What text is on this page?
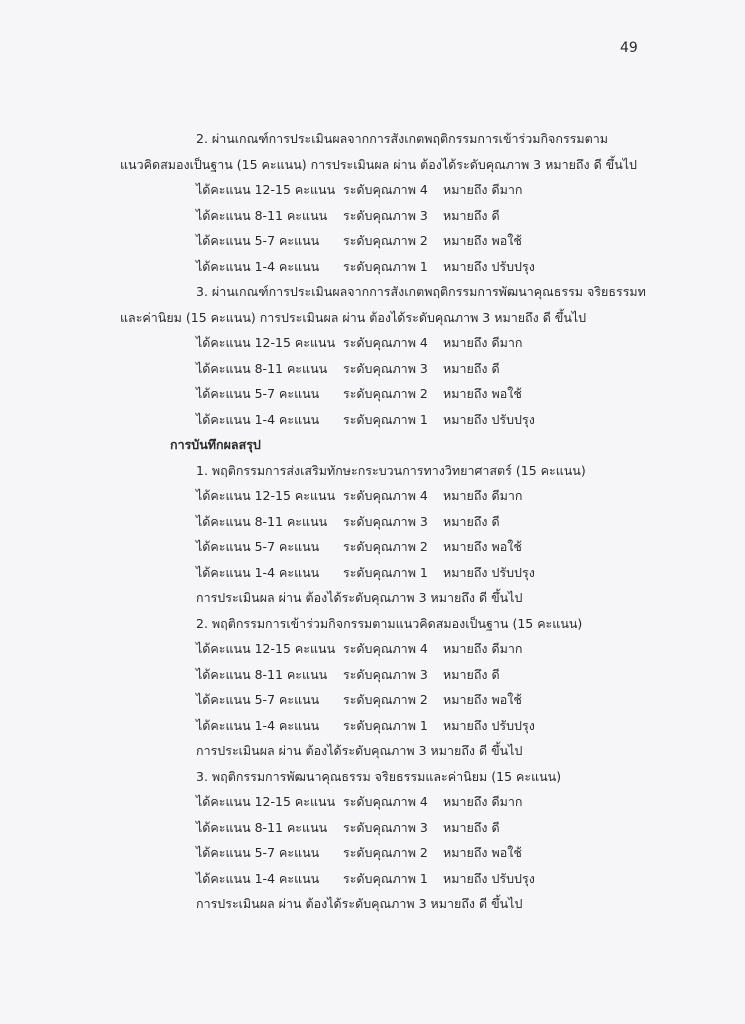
49
2. ผ่านเกณฑ์การประเมินผลจากการสังเกตพฤติกรรมการเข้าร่วมกิจกรรมตาม
แนวคิดสมองเป็นฐาน (15 คะแนน) การประเมินผล ผ่าน ต้องได้ระดับคุณภาพ 3 หมายถึง ดี ขึ้นไป
ได้คะแนน 12-15 คะแนน ระดับคุณภาพ 4 หมายถึง ดีมาก
ได้คะแนน 8-11 คะแนน ระดับคุณภาพ 3 หมายถึง ดี
ได้คะแนน 5-7 คะแนน ระดับคุณภาพ 2 หมายถึง พอใช้
ได้คะแนน 1-4 คะแนน ระดับคุณภาพ 1 หมายถึง ปรับปรุง
3. ผ่านเกณฑ์การประเมินผลจากการสังเกตพฤติกรรมการพัฒนาคุณธรรม จริยธรรมท
และค่านิยม (15 คะแนน) การประเมินผล ผ่าน ต้องได้ระดับคุณภาพ 3 หมายถึง ดี ขึ้นไป
ได้คะแนน 12-15 คะแนน ระดับคุณภาพ 4 หมายถึง ดีมาก
ได้คะแนน 8-11 คะแนน ระดับคุณภาพ 3 หมายถึง ดี
ได้คะแนน 5-7 คะแนน ระดับคุณภาพ 2 หมายถึง พอใช้
ได้คะแนน 1-4 คะแนน ระดับคุณภาพ 1 หมายถึง ปรับปรุง
การบันทึกผลสรุป
1. พฤติกรรมการส่งเสริมทักษะกระบวนการทางวิทยาศาสตร์ (15 คะแนน)
ได้คะแนน 12-15 คะแนน ระดับคุณภาพ 4 หมายถึง ดีมาก
ได้คะแนน 8-11 คะแนน ระดับคุณภาพ 3 หมายถึง ดี
ได้คะแนน 5-7 คะแนน ระดับคุณภาพ 2 หมายถึง พอใช้
ได้คะแนน 1-4 คะแนน ระดับคุณภาพ 1 หมายถึง ปรับปรุง
การประเมินผล ผ่าน ต้องได้ระดับคุณภาพ 3 หมายถึง ดี ขึ้นไป
2. พฤติกรรมการเข้าร่วมกิจกรรมตามแนวคิดสมองเป็นฐาน (15 คะแนน)
ได้คะแนน 12-15 คะแนน ระดับคุณภาพ 4 หมายถึง ดีมาก
ได้คะแนน 8-11 คะแนน ระดับคุณภาพ 3 หมายถึง ดี
ได้คะแนน 5-7 คะแนน ระดับคุณภาพ 2 หมายถึง พอใช้
ได้คะแนน 1-4 คะแนน ระดับคุณภาพ 1 หมายถึง ปรับปรุง
การประเมินผล ผ่าน ต้องได้ระดับคุณภาพ 3 หมายถึง ดี ขึ้นไป
3. พฤติกรรมการพัฒนาคุณธรรม จริยธรรมและค่านิยม (15 คะแนน)
ได้คะแนน 12-15 คะแนน ระดับคุณภาพ 4 หมายถึง ดีมาก
ได้คะแนน 8-11 คะแนน ระดับคุณภาพ 3 หมายถึง ดี
ได้คะแนน 5-7 คะแนน ระดับคุณภาพ 2 หมายถึง พอใช้
ได้คะแนน 1-4 คะแนน ระดับคุณภาพ 1 หมายถึง ปรับปรุง
การประเมินผล ผ่าน ต้องได้ระดับคุณภาพ 3 หมายถึง ดี ขึ้นไป
